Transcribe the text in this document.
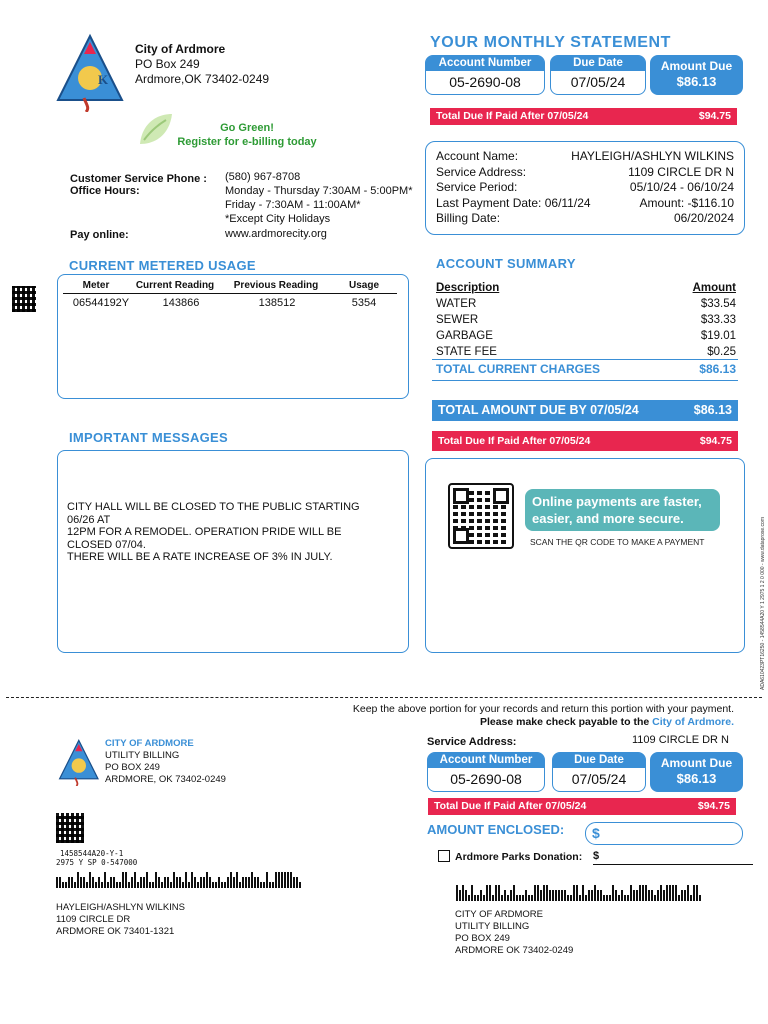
K
City of Ardmore
PO Box 249
Ardmore,OK 73402-0249
Go Green!
Register for e-billing today
Customer Service Phone : (580) 967-8708
Office Hours:	Monday - Thursday 7:30AM - 5:00PM*
Friday - 7:30AM - 11:00AM*
*Except City Holidays
Pay online:	www.ardmorecity.org
YOUR MONTHLY STATEMENT
Account Number
05-2690-08
Due Date
07/05/24
Amount Due
$86.13
Total Due If Paid After 07/05/24	$94.75
Account Name:	HAYLEIGH/ASHLYN WILKINS
Service Address:	1109 CIRCLE DR N
Service Period:	05/10/24 - 06/10/24
Last Payment Date: 06/11/24	Amount: -$116.10
Billing Date:	06/20/2024
CURRENT METERED USAGE
Meter	Current Reading	Previous Reading	Usage
06544192Y	143866	138512	5354
ACCOUNT SUMMARY
Description	Amount
WATER	$33.54
SEWER	$33.33
GARBAGE	$19.01
STATE FEE	$0.25
TOTAL CURRENT CHARGES	$86.13
TOTAL AMOUNT DUE BY 07/05/24	$86.13
Total Due If Paid After 07/05/24	$94.75
IMPORTANT MESSAGES
CITY HALL WILL BE CLOSED TO THE PUBLIC STARTING
06/26 AT
12PM FOR A REMODEL. OPERATION PRIDE WILL BE
CLOSED 07/04.
THERE WILL BE A RATE INCREASE OF 3% IN JULY.
Online payments are faster,
easier, and more secure.
SCAN THE QR CODE TO MAKE A PAYMENT	ADA610423PT16250 - 1458544A20 Y 1 2975 1 2 0 000 - www.dataprose.com
Keep the above portion for your records and return this portion with your payment.
Please make check payable to the City of Ardmore.
CITY OF ARDMORE
UTILITY BILLING
PO BOX 249
ARDMORE, OK 73402-0249
Service Address:	1109 CIRCLE DR N
Account Number
05-2690-08
Due Date
07/05/24
Amount Due
$86.13
Total Due If Paid After 07/05/24	$94.75
AMOUNT ENCLOSED:	$
Ardmore Parks Donation: $
1458544A20-Y-1
2975 Y SP 0-547000
HAYLEIGH/ASHLYN WILKINS
1109 CIRCLE DR
ARDMORE OK 73401-1321
CITY OF ARDMORE
UTILITY BILLING
PO BOX 249
ARDMORE OK 73402-0249
